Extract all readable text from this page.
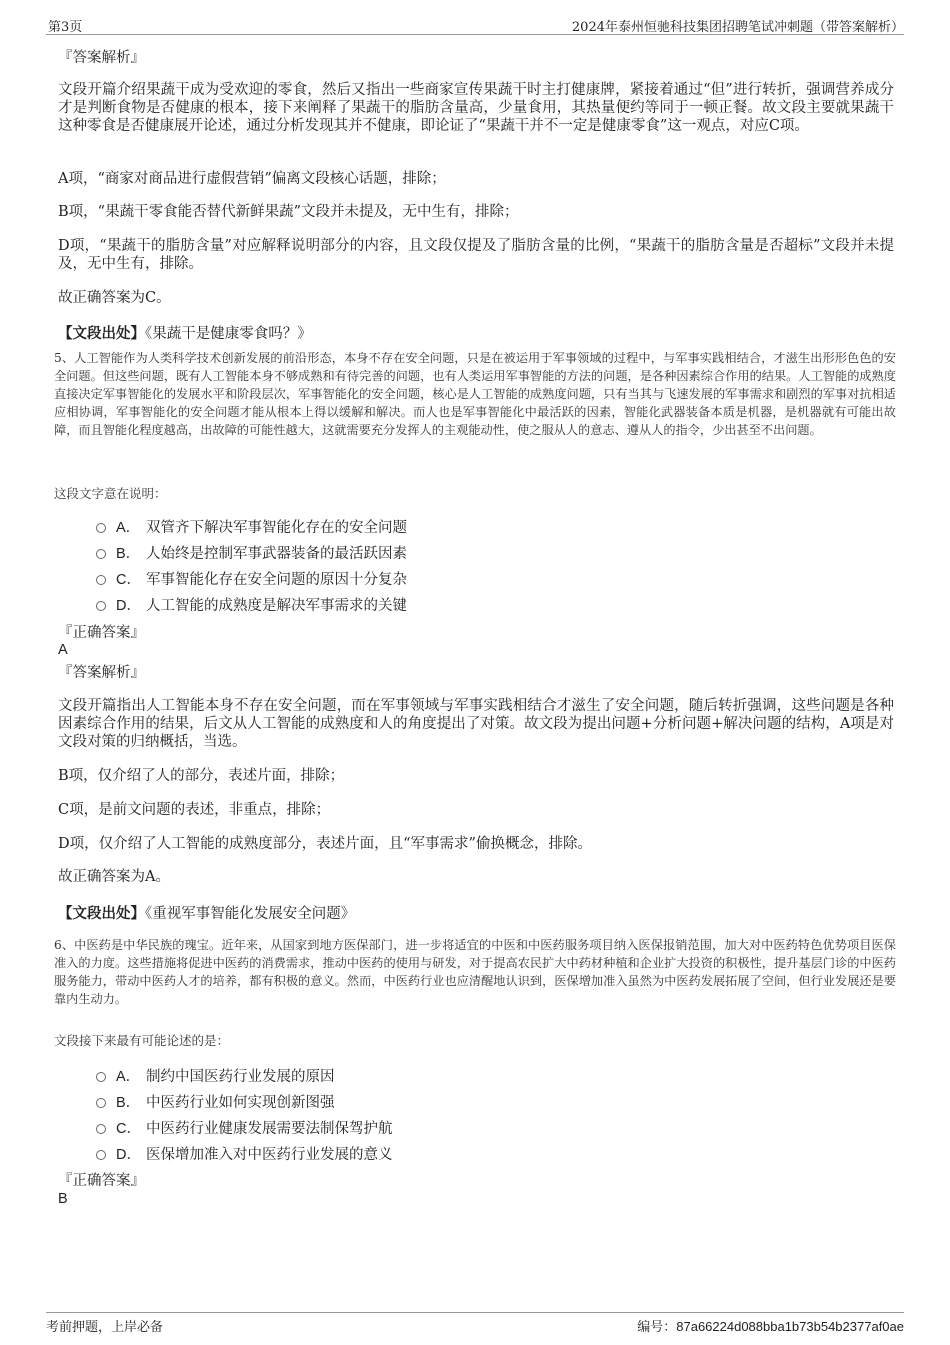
第3页	2024年泰州恒驰科技集团招聘笔试冲刺题（带答案解析）
『答案解析』

文段开篇介绍果蔬干成为受欢迎的零食，然后又指出一些商家宣传果蔬干时主打健康牌，紧接着通过“但”进行转折，强调营养成分才是判断食物是否健康的根本，接下来阐释了果蔬干的脂肪含量高，少量食用，其热量便约等同于一顿正餐。故文段主要就果蔬干这种零食是否健康展开论述，通过分析发现其并不健康，即论证了“果蔬干并不一定是健康零食”这一观点，对应C项。

A项，“商家对商品进行虚假营销”偏离文段核心话题，排除；

B项，“果蔬干零食能否替代新鲜果蔬”文段并未提及，无中生有，排除；

D项，“果蔬干的脂肪含量”对应解释说明部分的内容，且文段仅提及了脂肪含量的比例，“果蔬干的脂肪含量是否超标”文段并未提及，无中生有，排除。

故正确答案为C。

【文段出处】《果蔬干是健康零食吗？》

5、人工智能作为人类科学技术创新发展的前沿形态，本身不存在安全问题，只是在被运用于军事领域的过程中，与军事实践相结合，才滋生出形形色色的安全问题。但这些问题，既有人工智能本身不够成熟和有待完善的问题，也有人类运用军事智能的方法的问题，是各种因素综合作用的结果。人工智能的成熟度直接决定军事智能化的发展水平和阶段层次，军事智能化的安全问题，核心是人工智能的成熟度问题，只有当其与飞速发展的军事需求和剧烈的军事对抗相适应相协调，军事智能化的安全问题才能从根本上得以缓解和解决。而人也是军事智能化中最活跃的因素，智能化武器装备本质是机器，是机器就有可能出故障，而且智能化程度越高，出故障的可能性越大，这就需要充分发挥人的主观能动性，使之服从人的意志、遵从人的指令，少出甚至不出问题。

这段文字意在说明：
A． 双管齐下解决军事智能化存在的安全问题
B． 人始终是控制军事武器装备的最活跃因素
C． 军事智能化存在安全问题的原因十分复杂
D． 人工智能的成熟度是解决军事需求的关键
『正确答案』
A
『答案解析』

文段开篇指出人工智能本身不存在安全问题，而在军事领域与军事实践相结合才滋生了安全问题，随后转折强调，这些问题是各种因素综合作用的结果，后文从人工智能的成熟度和人的角度提出了对策。故文段为提出问题+分析问题+解决问题的结构，A项是对文段对策的归纳概括，当选。

B项，仅介绍了人的部分，表述片面，排除；

C项，是前文问题的表述，非重点，排除；

D项，仅介绍了人工智能的成熟度部分，表述片面，且“军事需求”偷换概念，排除。

故正确答案为A。

【文段出处】《重视军事智能化发展安全问题》

6、中医药是中华民族的瑰宝。近年来，从国家到地方医保部门，进一步将适宜的中医和中医药服务项目纳入医保报销范围，加大对中医药特色优势项目医保准入的力度。这些措施将促进中医药的消费需求，推动中医药的使用与研发，对于提高农民扩大中药材种植和企业扩大投资的积极性，提升基层门诊的中医药服务能力，带动中医药人才的培养，都有积极的意义。然而，中医药行业也应清醒地认识到，医保增加准入虽然为中医药发展拓展了空间，但行业发展还是要靠内生动力。

文段接下来最有可能论述的是：
A． 制约中国医药行业发展的原因
B． 中医药行业如何实现创新图强
C． 中医药行业健康发展需要法制保驾护航
D． 医保增加准入对中医药行业发展的意义
『正确答案』
B
考前押题，上岸必备	编号：87a66224d088bba1b73b54b2377af0ae
